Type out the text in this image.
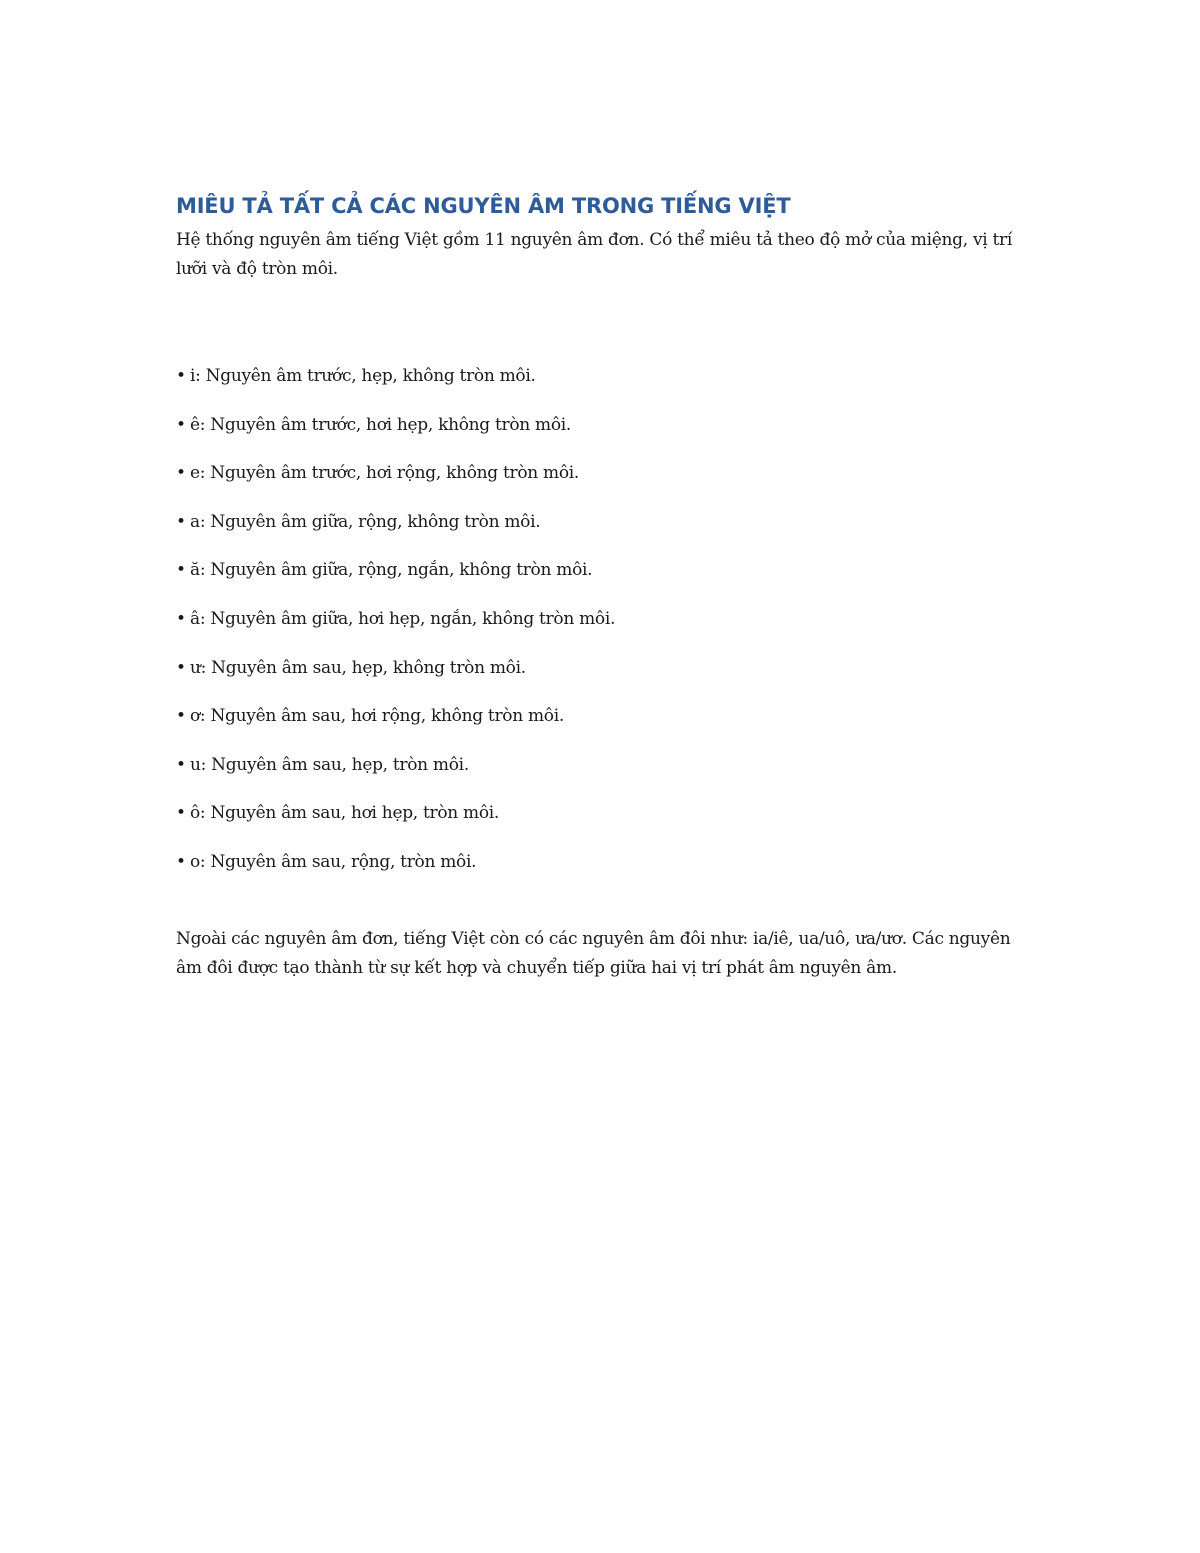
MIÊU TẢ TẤT CẢ CÁC NGUYÊN ÂM TRONG TIẾNG VIỆT

Hệ thống nguyên âm tiếng Việt gồm 11 nguyên âm đơn. Có thể miêu tả theo độ mở của miệng, vị trí lưỡi và độ tròn môi.

• i: Nguyên âm trước, hẹp, không tròn môi.
• ê: Nguyên âm trước, hơi hẹp, không tròn môi.
• e: Nguyên âm trước, hơi rộng, không tròn môi.
• a: Nguyên âm giữa, rộng, không tròn môi.
• ă: Nguyên âm giữa, rộng, ngắn, không tròn môi.
• â: Nguyên âm giữa, hơi hẹp, ngắn, không tròn môi.
• ư: Nguyên âm sau, hẹp, không tròn môi.
• ơ: Nguyên âm sau, hơi rộng, không tròn môi.
• u: Nguyên âm sau, hẹp, tròn môi.
• ô: Nguyên âm sau, hơi hẹp, tròn môi.
• o: Nguyên âm sau, rộng, tròn môi.

Ngoài các nguyên âm đơn, tiếng Việt còn có các nguyên âm đôi như: ia/iê, ua/uô, ưa/ươ. Các nguyên âm đôi được tạo thành từ sự kết hợp và chuyển tiếp giữa hai vị trí phát âm nguyên âm.
